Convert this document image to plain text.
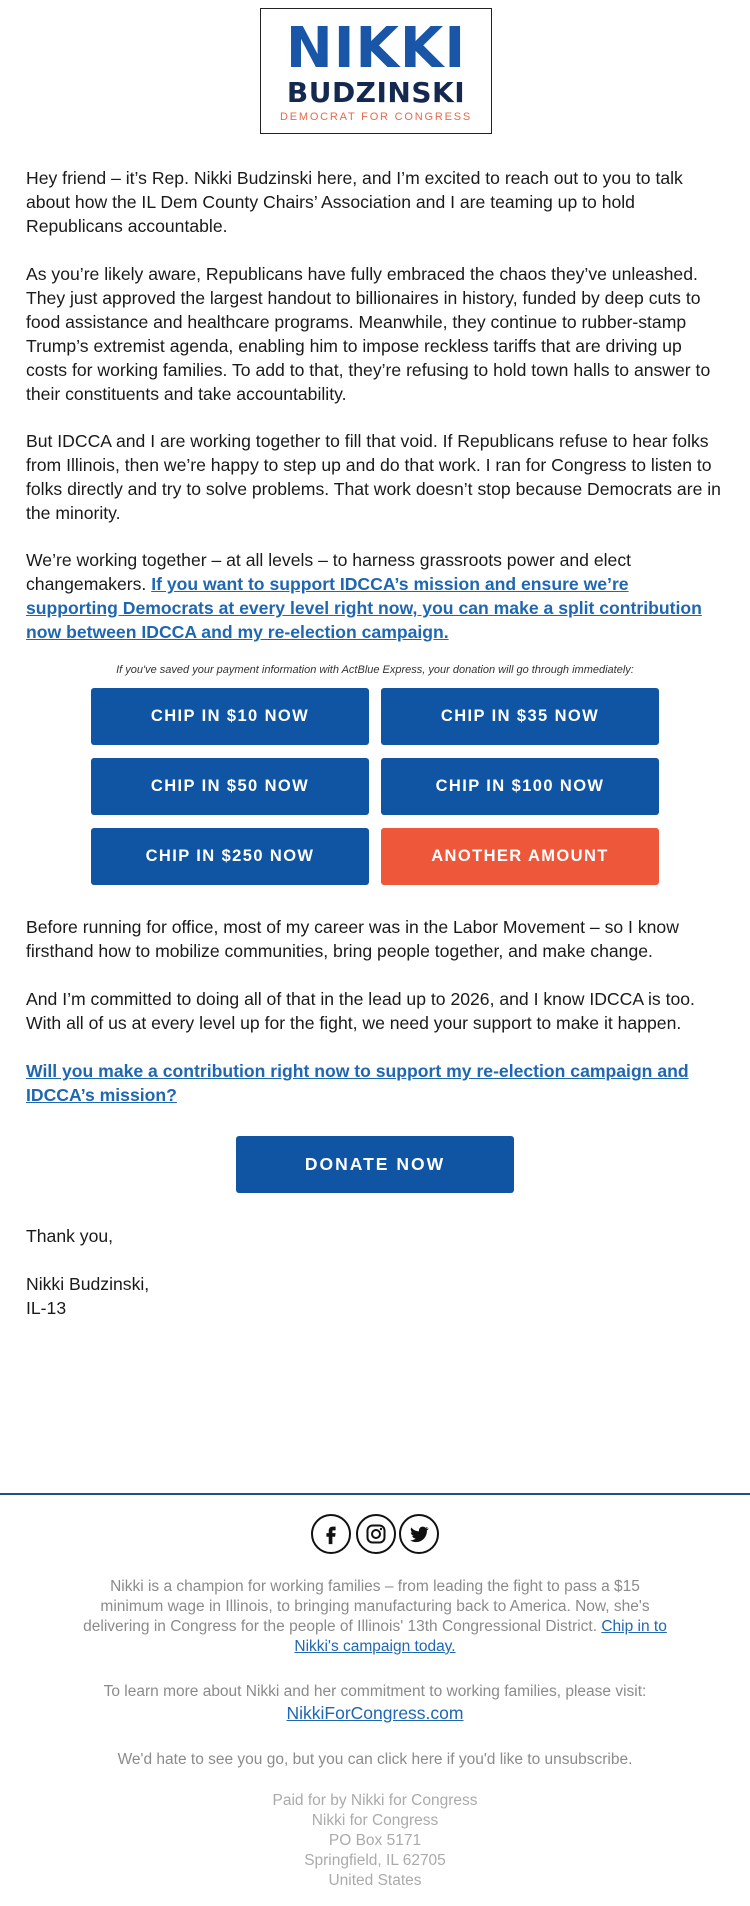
NIKKI
BUDZINSKI
DEMOCRAT FOR CONGRESS

Hey friend – it’s Rep. Nikki Budzinski here, and I’m excited to reach out to you to talk about how the IL Dem County Chairs’ Association and I are teaming up to hold Republicans accountable.

As you’re likely aware, Republicans have fully embraced the chaos they’ve unleashed. They just approved the largest handout to billionaires in history, funded by deep cuts to food assistance and healthcare programs. Meanwhile, they continue to rubber-stamp Trump’s extremist agenda, enabling him to impose reckless tariffs that are driving up costs for working families. To add to that, they’re refusing to hold town halls to answer to their constituents and take accountability.

But IDCCA and I are working together to fill that void. If Republicans refuse to hear folks from Illinois, then we’re happy to step up and do that work. I ran for Congress to listen to folks directly and try to solve problems. That work doesn’t stop because Democrats are in the minority.

We’re working together – at all levels – to harness grassroots power and elect changemakers. If you want to support IDCCA’s mission and ensure we’re supporting Democrats at every level right now, you can make a split contribution now between IDCCA and my re-election campaign.

If you've saved your payment information with ActBlue Express, your donation will go through immediately:
CHIP IN $10 NOW	CHIP IN $35 NOW
CHIP IN $50 NOW	CHIP IN $100 NOW
CHIP IN $250 NOW	ANOTHER AMOUNT

Before running for office, most of my career was in the Labor Movement – so I know firsthand how to mobilize communities, bring people together, and make change.

And I’m committed to doing all of that in the lead up to 2026, and I know IDCCA is too. With all of us at every level up for the fight, we need your support to make it happen.

Will you make a contribution right now to support my re-election campaign and IDCCA’s mission?

DONATE NOW

Thank you,

Nikki Budzinski,

IL-13

Nikki is a champion for working families – from leading the fight to pass a $15 minimum wage in Illinois, to bringing manufacturing back to America. Now, she's delivering in Congress for the people of Illinois' 13th Congressional District. Chip in to Nikki's campaign today.

To learn more about Nikki and her commitment to working families, please visit:

NikkiForCongress.com

We'd hate to see you go, but you can click here if you'd like to unsubscribe.

Paid for by Nikki for Congress

Nikki for Congress

PO Box 5171

Springfield, IL 62705

United States
